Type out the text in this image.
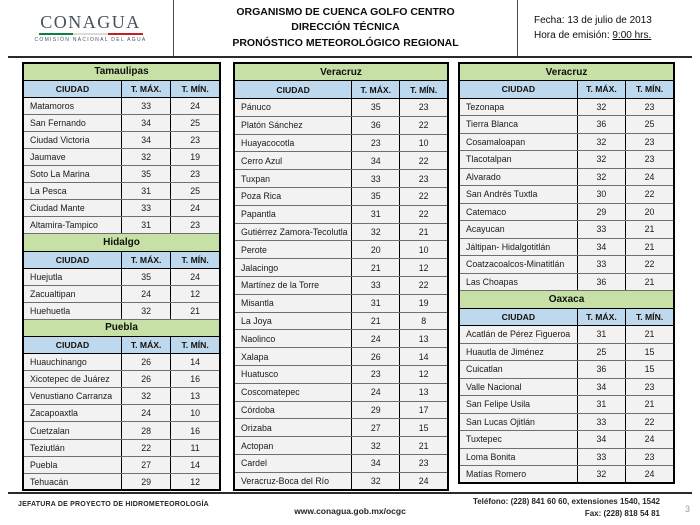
CONAGUA
COMISIÓN NACIONAL DEL AGUA
ORGANISMO DE CUENCA GOLFO CENTRO
DIRECCIÓN TÉCNICA
PRONÓSTICO METEOROLÓGICO REGIONAL
Fecha: 13 de julio de 2013
Hora de emisión: 9:00 hrs.
Tamaulipas		
CIUDAD	T. MÁX.	T. MÍN.
Matamoros	33	24
San Fernando	34	25
Ciudad Victoria	34	23
Jaumave	32	19
Soto La Marina	35	23
La Pesca	31	25
Ciudad Mante	33	24
Altamira-Tampico	31	23
Hidalgo		
CIUDAD	T. MÁX.	T. MÍN.
Huejutla	35	24
Zacualtipan	24	12
Huehuetla	32	21
Puebla		
CIUDAD	T. MÁX.	T. MÍN.
Huauchinango	26	14
Xicotepec de Juárez	26	16
Venustiano Carranza	32	13
Zacapoaxtla	24	10
Cuetzalan	28	16
Teziutlán	22	11
Puebla	27	14
Tehuacán	29	12
Veracruz		
CIUDAD	T. MÁX.	T. MÍN.
Pánuco	35	23
Platón Sánchez	36	22
Huayacocotla	23	10
Cerro Azul	34	22
Tuxpan	33	23
Poza Rica	35	22
Papantla	31	22
Gutiérrez Zamora-Tecolutla	32	21
Perote	20	10
Jalacingo	21	12
Martínez de la Torre	33	22
Misantla	31	19
La Joya	21	8
Naolinco	24	13
Xalapa	26	14
Huatusco	23	12
Coscomatepec	24	13
Córdoba	29	17
Orizaba	27	15
Actopan	32	21
Cardel	34	23
Veracruz-Boca del Río	32	24
Veracruz		
CIUDAD	T. MÁX.	T. MÍN.
Tezonapa	32	23
Tierra Blanca	36	25
Cosamaloapan	32	23
Tlacotalpan	32	23
Alvarado	32	24
San Andrés Tuxtla	30	22
Catemaco	29	20
Acayucan	33	21
Jáltipan- Hidalgotitlán	34	21
Coatzacoalcos-Minatitlán	33	22
Las Choapas	36	21
Oaxaca		
CIUDAD	T. MÁX.	T. MÍN.
Acatlán de Pérez Figueroa	31	21
Huautla de Jiménez	25	15
Cuicatlan	36	15
Valle Nacional	34	23
San Felipe Usila	31	21
San Lucas Ojitlán	33	22
Tuxtepec	34	24
Loma Bonita	33	23
Matías Romero	32	24
JEFATURA DE PROYECTO DE HIDROMETEOROLOGÍA
www.conagua.gob.mx/ocgc
Teléfono: (228) 841 60 60, extensiones 1540, 1542
Fax: (228) 818 54 81	3
